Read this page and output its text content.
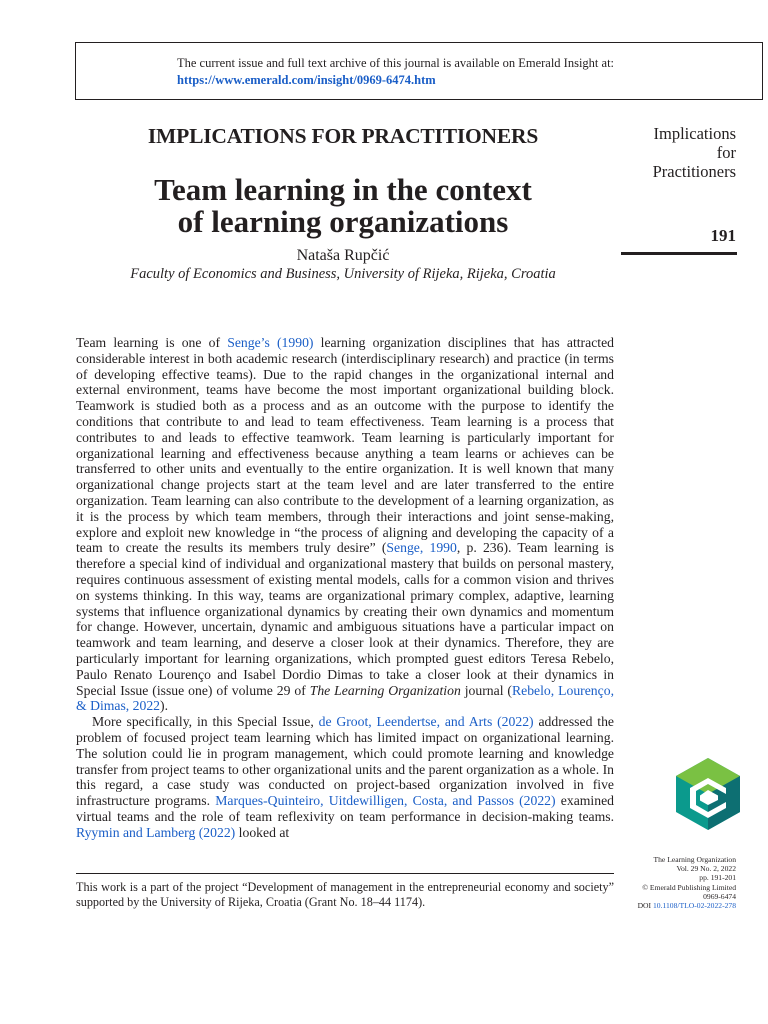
The current issue and full text archive of this journal is available on Emerald Insight at:
https://www.emerald.com/insight/0969-6474.htm
IMPLICATIONS FOR PRACTITIONERS
Team learning in the context
of learning organizations
Nataša Rupčić
Faculty of Economics and Business, University of Rijeka, Rijeka, Croatia
Implications
for
Practitioners
191

Team learning is one of Senge’s (1990) learning organization disciplines that has attracted considerable interest in both academic research (interdisciplinary research) and practice (in terms of developing effective teams). Due to the rapid changes in the organizational internal and external environment, teams have become the most important organizational building block. Teamwork is studied both as a process and as an outcome with the purpose to identify the conditions that contribute to and lead to team effectiveness. Team learning is a process that contributes to and leads to effective teamwork. Team learning is particularly important for organizational learning and effectiveness because anything a team learns or achieves can be transferred to other units and eventually to the entire organization. It is well known that many organizational change projects start at the team level and are later transferred to the entire organization. Team learning can also contribute to the development of a learning organization, as it is the process by which team members, through their interactions and joint sense-making, explore and exploit new knowledge in “the process of aligning and developing the capacity of a team to create the results its members truly desire” (Senge, 1990, p. 236). Team learning is therefore a special kind of individual and organizational mastery that builds on personal mastery, requires continuous assessment of existing mental models, calls for a common vision and thrives on systems thinking. In this way, teams are organizational primary complex, adaptive, learning systems that influence organizational dynamics by creating their own dynamics and momentum for change. However, uncertain, dynamic and ambiguous situations have a particular impact on teamwork and team learning, and deserve a closer look at their dynamics. Therefore, they are particularly important for learning organizations, which prompted guest editors Teresa Rebelo, Paulo Renato Lourenço and Isabel Dordio Dimas to take a closer look at their dynamics in Special Issue (issue one) of volume 29 of The Learning Organization journal (Rebelo, Lourenço, & Dimas, 2022).

More specifically, in this Special Issue, de Groot, Leendertse, and Arts (2022) addressed the problem of focused project team learning which has limited impact on organizational learning. The solution could lie in program management, which could promote learning and knowledge transfer from project teams to other organizational units and the parent organization as a whole. In this regard, a case study was conducted on project-based organization involved in five infrastructure programs. Marques-Quinteiro, Uitdewilligen, Costa, and Passos (2022) examined virtual teams and the role of team reflexivity on team performance in decision-making teams. Ryymin and Lamberg (2022) looked at

This work is a part of the project “Development of management in the entrepreneurial economy and society” supported by the University of Rijeka, Croatia (Grant No. 18–44 1174).
The Learning Organization
Vol. 29 No. 2, 2022
pp. 191-201
© Emerald Publishing Limited
0969-6474
DOI 10.1108/TLO-02-2022-278
